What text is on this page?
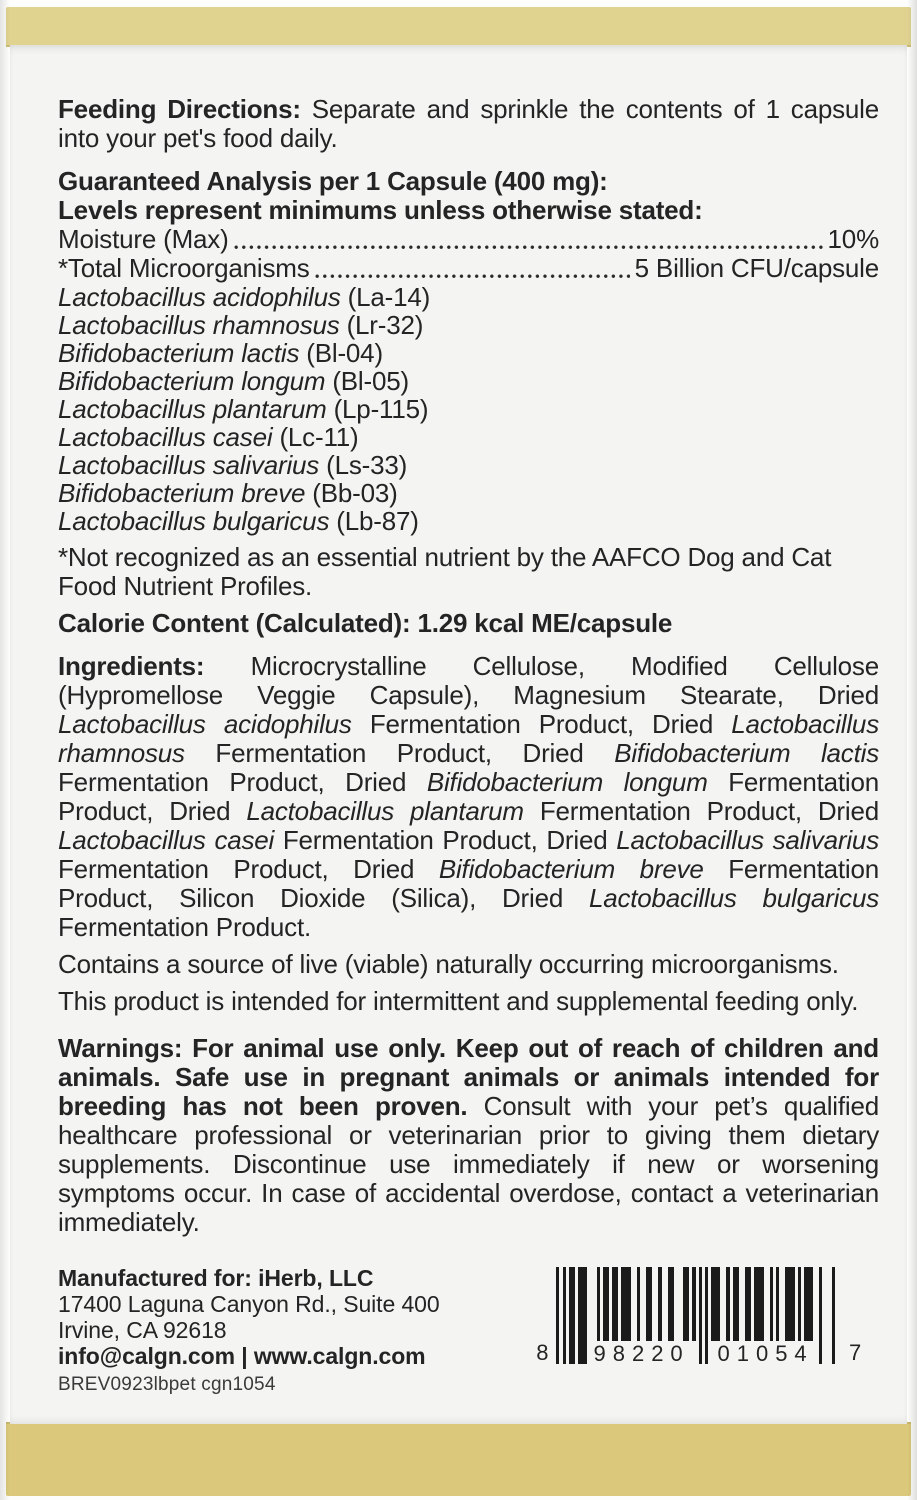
Feeding Directions: Separate and sprinkle the contents of 1 capsule into your pet's food daily.

Guaranteed Analysis per 1 Capsule (400 mg):
Levels represent minimums unless otherwise stated:
Moisture (Max)	10%
*Total Microorganisms	5 Billion CFU/capsule
Lactobacillus acidophilus (La-14)
Lactobacillus rhamnosus (Lr-32)
Bifidobacterium lactis (Bl-04)
Bifidobacterium longum (Bl-05)
Lactobacillus plantarum (Lp-115)
Lactobacillus casei (Lc-11)
Lactobacillus salivarius (Ls-33)
Bifidobacterium breve (Bb-03)
Lactobacillus bulgaricus (Lb-87)

*Not recognized as an essential nutrient by the AAFCO Dog and Cat Food Nutrient Profiles.

Calorie Content (Calculated): 1.29 kcal ME/capsule

Ingredients: Microcrystalline Cellulose, Modified Cellulose (Hypromellose Veggie Capsule), Magnesium Stearate, Dried Lactobacillus acidophilus Fermentation Product, Dried Lactobacillus rhamnosus Fermentation Product, Dried Bifidobacterium lactis Fermentation Product, Dried Bifidobacterium longum Fermentation Product, Dried Lactobacillus plantarum Fermentation Product, Dried Lactobacillus casei Fermentation Product, Dried Lactobacillus salivarius Fermentation Product, Dried Bifidobacterium breve Fermentation Product, Silicon Dioxide (Silica), Dried Lactobacillus bulgaricus Fermentation Product.

Contains a source of live (viable) naturally occurring microorganisms.

This product is intended for intermittent and supplemental feeding only.

Warnings: For animal use only. Keep out of reach of children and animals. Safe use in pregnant animals or animals intended for breeding has not been proven. Consult with your pet’s qualified healthcare professional or veterinarian prior to giving them dietary supplements. Discontinue use immediately if new or worsening symptoms occur. In case of accidental overdose, contact a veterinarian immediately.

Manufactured for: iHerb, LLC
17400 Laguna Canyon Rd., Suite 400
Irvine, CA 92618
info@calgn.com | www.calgn.com
BREV0923lbpet cgn1054
8 98220 01054 7
